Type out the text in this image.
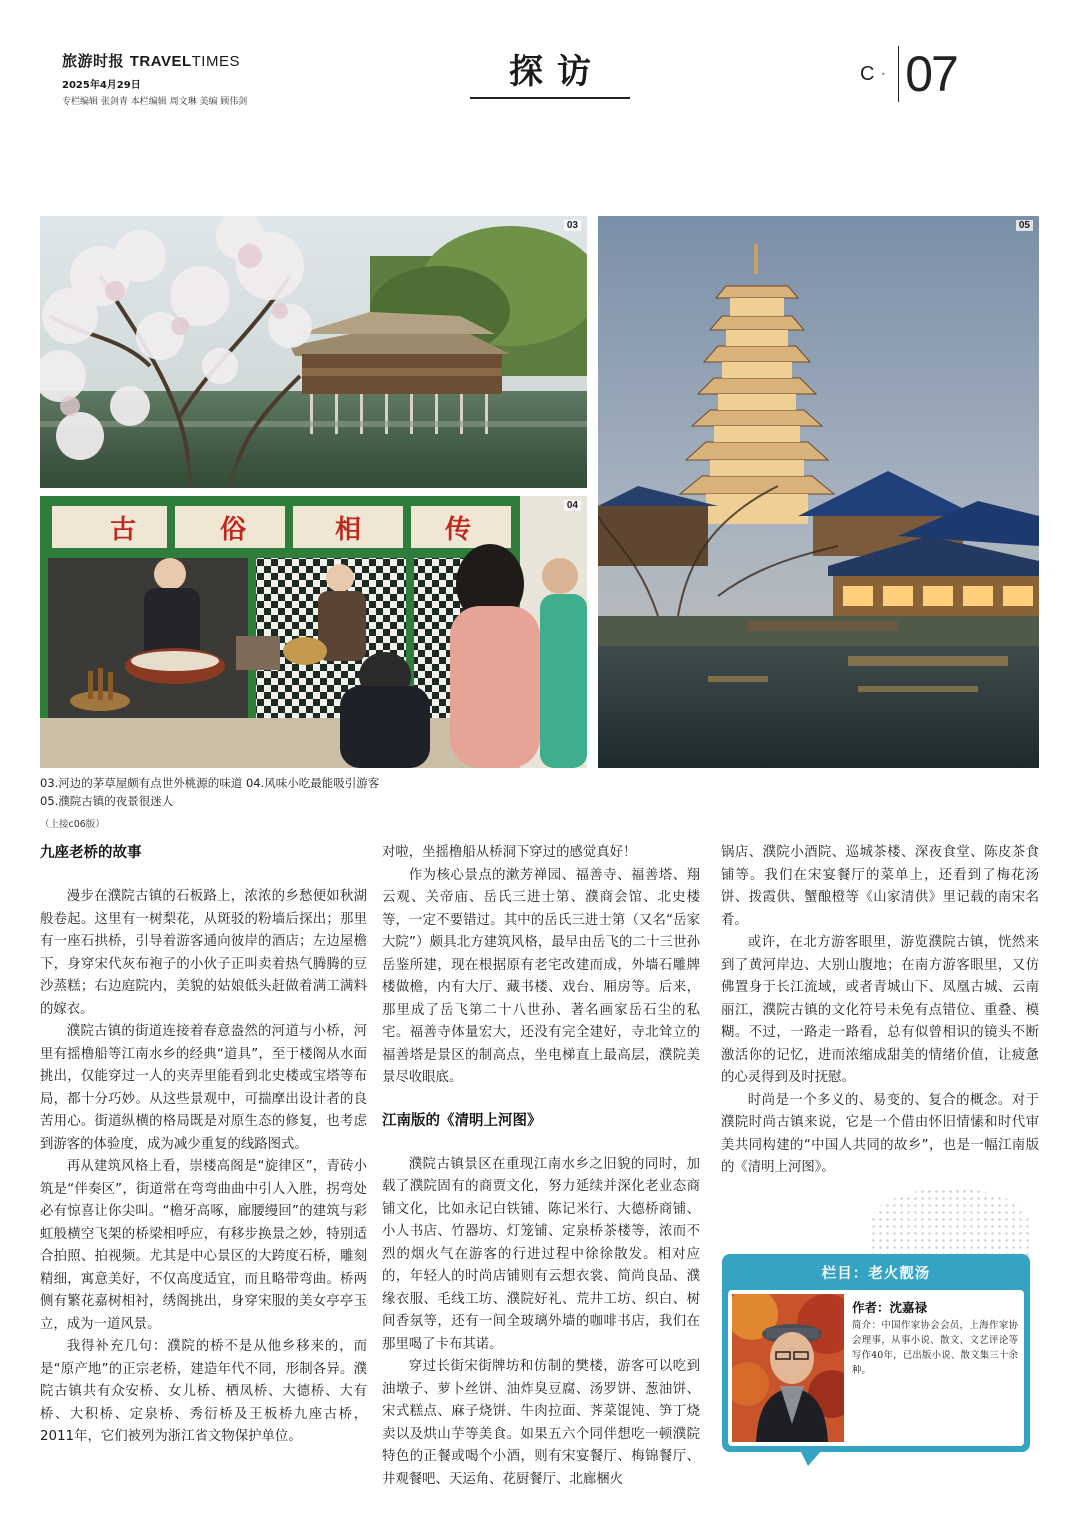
旅游时报 TRAVELTIMES
2025年4月29日
专栏编辑 张剑青 本栏编辑 周文琳 美编 顾伟剑
探访	C · 07
03
古	俗	相	传
04
05
03.河边的茅草屋颇有点世外桃源的味道 04.风味小吃最能吸引游客
05.濮院古镇的夜景很迷人
（上接c06版）
九座老桥的故事

漫步在濮院古镇的石板路上，浓浓的乡愁便如秋湖般卷起。这里有一树梨花，从斑驳的粉墙后探出；那里有一座石拱桥，引导着游客通向彼岸的酒店；左边屋檐下，身穿宋代灰布袍子的小伙子正叫卖着热气腾腾的豆沙蒸糕；右边庭院内，美貌的姑娘低头赶做着满工满料的嫁衣。

濮院古镇的街道连接着春意盎然的河道与小桥，河里有摇橹船等江南水乡的经典“道具”，至于楼阁从水面挑出，仅能穿过一人的夹弄里能看到北史楼或宝塔等布局，都十分巧妙。从这些景观中，可揣摩出设计者的良苦用心。街道纵横的格局既是对原生态的修复，也考虑到游客的体验度，成为减少重复的线路图式。

再从建筑风格上看，崇楼高阁是“旋律区”，青砖小筑是“伴奏区”，街道常在弯弯曲曲中引人入胜，拐弯处必有惊喜让你尖叫。“檐牙高啄，廊腰缦回”的建筑与彩虹般横空飞架的桥梁相呼应，有移步换景之妙，特别适合拍照、拍视频。尤其是中心景区的大跨度石桥，雕刻精细，寓意美好，不仅高度适宜，而且略带弯曲。桥两侧有繁花嘉树相衬，绣阁挑出，身穿宋服的美女亭亭玉立，成为一道风景。

我得补充几句：濮院的桥不是从他乡移来的，而是“原产地”的正宗老桥，建造年代不同，形制各异。濮院古镇共有众安桥、女儿桥、栖凤桥、大德桥、大有桥、大积桥、定泉桥、秀衍桥及王板桥九座古桥，2011年，它们被列为浙江省文物保护单位。

对啦，坐摇橹船从桥洞下穿过的感觉真好！

作为核心景点的漱芳禅园、福善寺、福善塔、翔云观、关帝庙、岳氏三进士第、濮商会馆、北史楼等，一定不要错过。其中的岳氏三进士第（又名“岳家大院”）颇具北方建筑风格，最早由岳飞的二十三世孙岳鉴所建，现在根据原有老宅改建而成，外墙石雕牌楼做檐，内有大厅、藏书楼、戏台、厢房等。后来，那里成了岳飞第二十八世孙、著名画家岳石尘的私宅。福善寺体量宏大，还没有完全建好，寺北耸立的福善塔是景区的制高点，坐电梯直上最高层，濮院美景尽收眼底。

江南版的《清明上河图》

濮院古镇景区在重现江南水乡之旧貌的同时，加载了濮院固有的商贾文化，努力延续并深化老业态商铺文化，比如永记白铁铺、陈记米行、大德桥商铺、小人书店、竹器坊、灯笼铺、定泉桥茶楼等，浓而不烈的烟火气在游客的行进过程中徐徐散发。相对应的，年轻人的时尚店铺则有云想衣裳、简尚良品、濮缘衣服、毛线工坊、濮院好礼、荒井工坊、织白、树间香氛等，还有一间全玻璃外墙的咖啡书店，我们在那里喝了卡布其诺。

穿过长街宋街牌坊和仿制的樊楼，游客可以吃到油墩子、萝卜丝饼、油炸臭豆腐、汤罗饼、葱油饼、宋式糕点、麻子烧饼、牛肉拉面、荠菜馄饨、笋丁烧卖以及烘山芋等美食。如果五六个同伴想吃一顿濮院特色的正餐或喝个小酒，则有宋宴餐厅、梅锦餐厅、井观餐吧、天运角、花厨餐厅、北廊梱火

锅店、濮院小酒院、巡城茶楼、深夜食堂、陈皮茶食铺等。我们在宋宴餐厅的菜单上，还看到了梅花汤饼、拨霞供、蟹酿橙等《山家清供》里记载的南宋名肴。

或许，在北方游客眼里，游览濮院古镇，恍然来到了黄河岸边、大别山腹地；在南方游客眼里，又仿佛置身于长江流域，或者青城山下、凤凰古城、云南丽江，濮院古镇的文化符号未免有点错位、重叠、模糊。不过，一路走一路看，总有似曾相识的镜头不断激活你的记忆，进而浓缩成甜美的情绪价值，让疲惫的心灵得到及时抚慰。

时尚是一个多义的、易变的、复合的概念。对于濮院时尚古镇来说，它是一个借由怀旧情愫和时代审美共同构建的“中国人共同的故乡”，也是一幅江南版的《清明上河图》。

栏目：老火靓汤
作者：沈嘉禄
简介：中国作家协会会员，上海作家协会理事，从事小说、散文、文艺评论等写作40年，已出版小说、散文集三十余种。
